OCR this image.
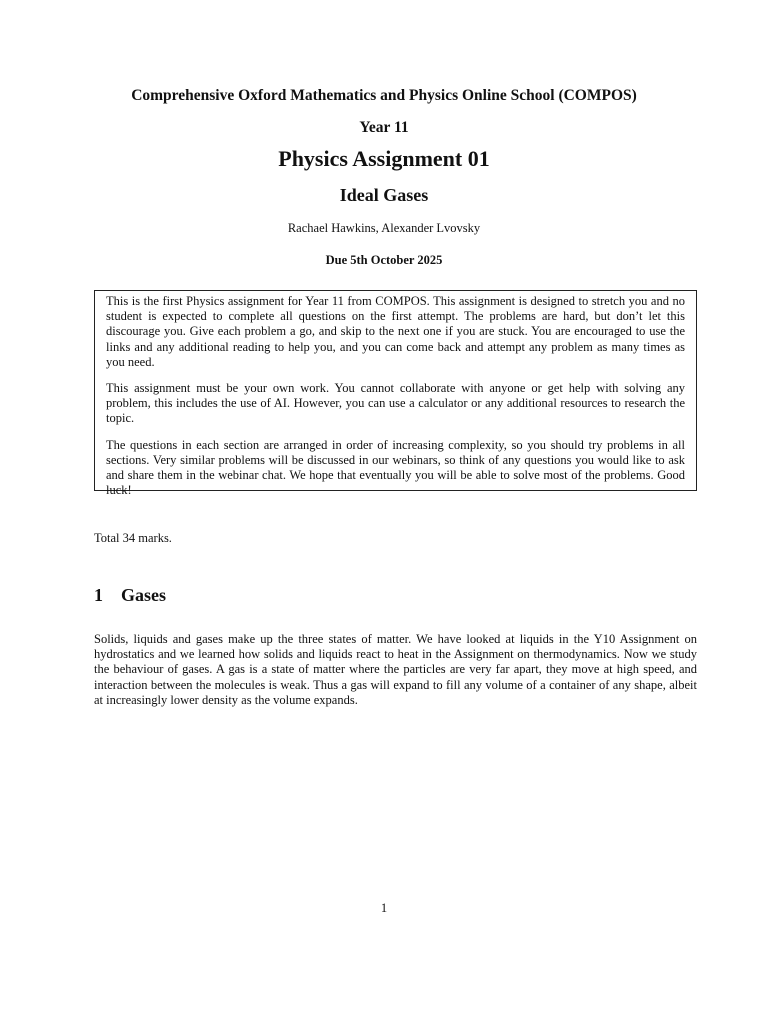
Comprehensive Oxford Mathematics and Physics Online School (COMPOS)

Year 11

Physics Assignment 01
Ideal Gases

Rachael Hawkins, Alexander Lvovsky

Due 5th October 2025

This is the first Physics assignment for Year 11 from COMPOS. This assignment is designed to stretch you and no student is expected to complete all questions on the first attempt. The problems are hard, but don’t let this discourage you. Give each problem a go, and skip to the next one if you are stuck. You are encouraged to use the links and any additional reading to help you, and you can come back and attempt any problem as many times as you need.

This assignment must be your own work. You cannot collaborate with anyone or get help with solving any problem, this includes the use of AI. However, you can use a calculator or any additional resources to research the topic.

The questions in each section are arranged in order of increasing complexity, so you should try problems in all sections. Very similar problems will be discussed in our webinars, so think of any questions you would like to ask and share them in the webinar chat. We hope that eventually you will be able to solve most of the problems. Good luck!

Total 34 marks.

1 Gases

Solids, liquids and gases make up the three states of matter. We have looked at liquids in the Y10 Assignment on hydrostatics and we learned how solids and liquids react to heat in the Assignment on thermodynamics. Now we study the behaviour of gases. A gas is a state of matter where the particles are very far apart, they move at high speed, and interaction between the molecules is weak. Thus a gas will expand to fill any volume of a container of any shape, albeit at increasingly lower density as the volume expands.

1
